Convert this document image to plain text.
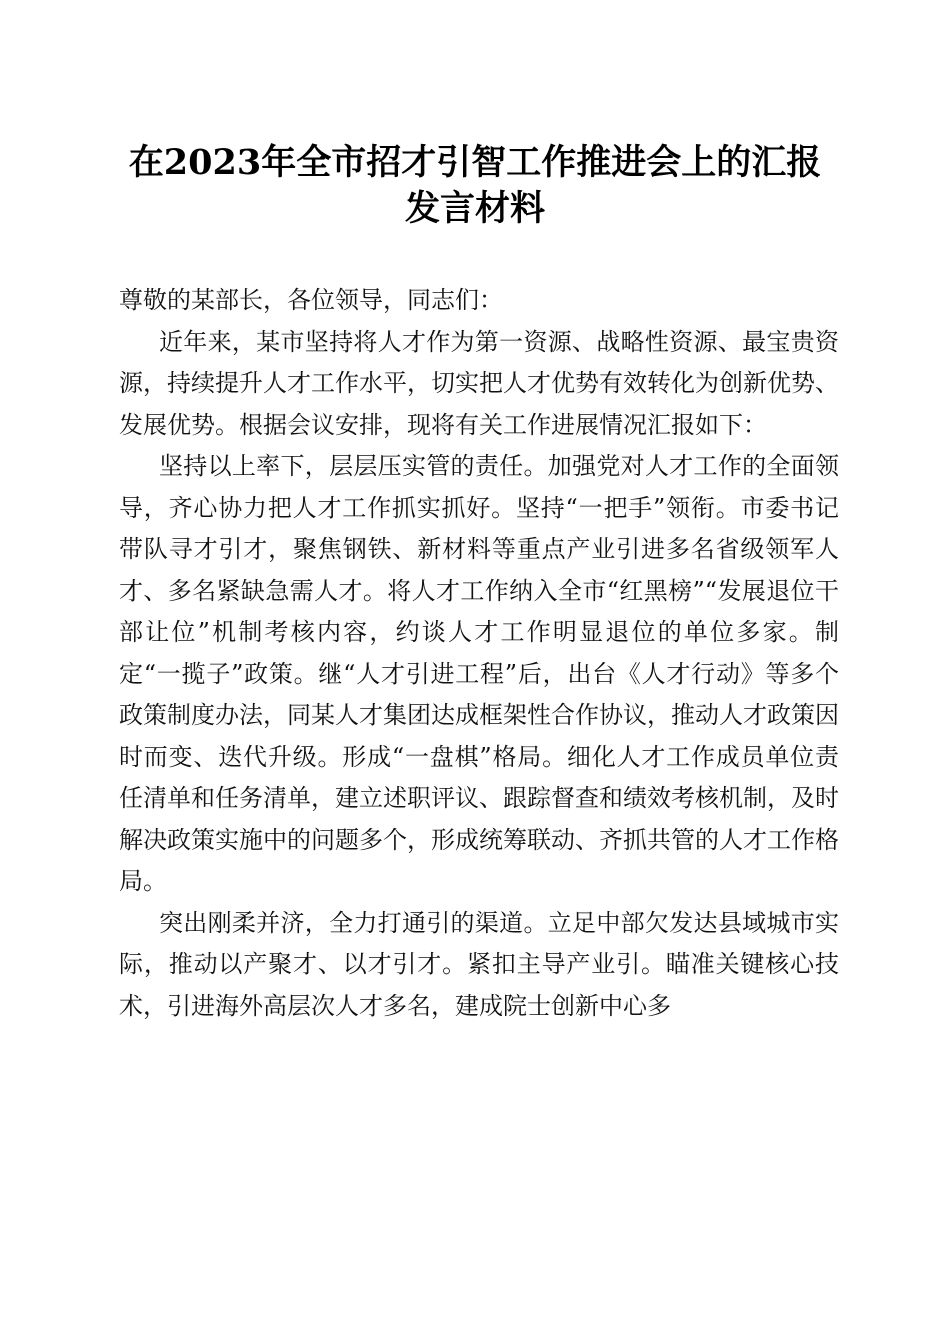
在2023年全市招才引智工作推进会上的汇报
发言材料

尊敬的某部长，各位领导，同志们：

近年来，某市坚持将人才作为第一资源、战略性资源、最宝贵资源，持续提升人才工作水平，切实把人才优势有效转化为创新优势、发展优势。根据会议安排，现将有关工作进展情况汇报如下：

坚持以上率下，层层压实管的责任。加强党对人才工作的全面领导，齐心协力把人才工作抓实抓好。坚持“一把手”领衔。市委书记带队寻才引才，聚焦钢铁、新材料等重点产业引进多名省级领军人才、多名紧缺急需人才。将人才工作纳入全市“红黑榜”“发展退位干部让位”机制考核内容，约谈人才工作明显退位的单位多家。制定“一揽子”政策。继“人才引进工程”后，出台《人才行动》等多个政策制度办法，同某人才集团达成框架性合作协议，推动人才政策因时而变、迭代升级。形成“一盘棋”格局。细化人才工作成员单位责任清单和任务清单，建立述职评议、跟踪督查和绩效考核机制，及时解决政策实施中的问题多个，形成统筹联动、齐抓共管的人才工作格局。

突出刚柔并济，全力打通引的渠道。立足中部欠发达县域城市实际，推动以产聚才、以才引才。紧扣主导产业引。瞄准关键核心技术，引进海外高层次人才多名，建成院士创新中心多
